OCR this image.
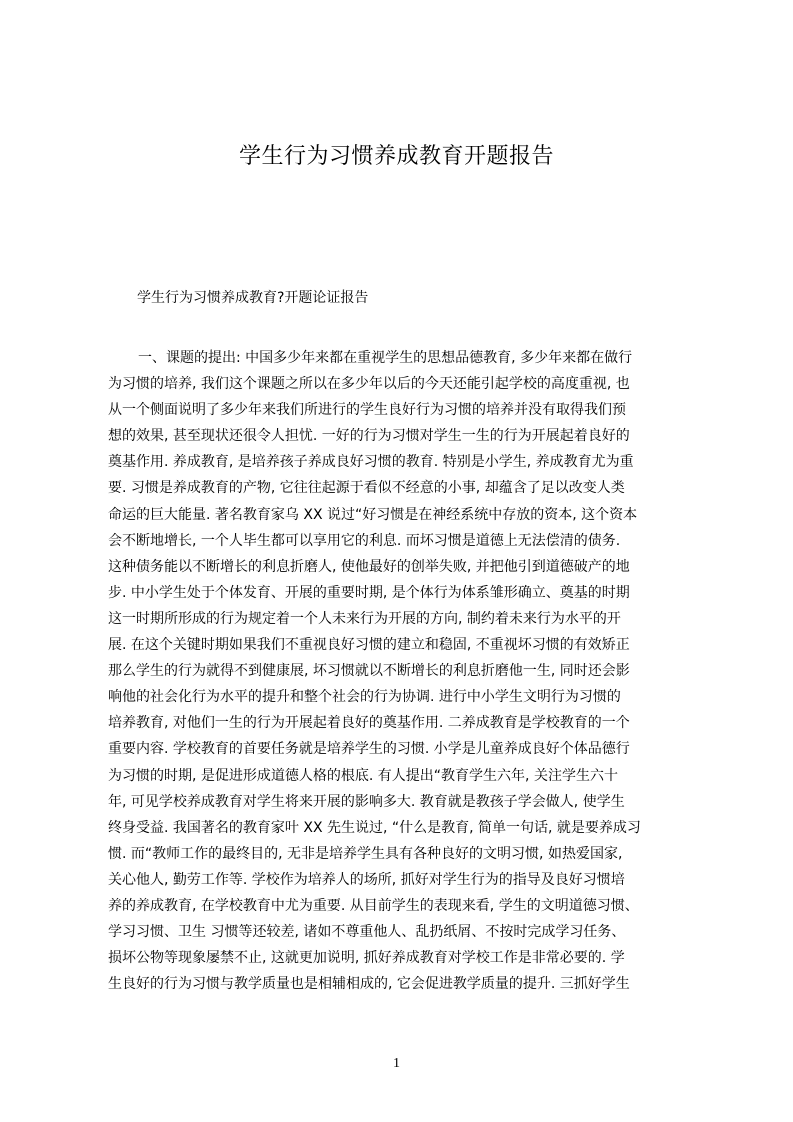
学生行为习惯养成教育开题报告
学生行为习惯养成教育?开题论证报告
一、课题的提出: 中国多少年来都在重视学生的思想品德教育, 多少年来都在做行
为习惯的培养, 我们这个课题之所以在多少年以后的今天还能引起学校的高度重视, 也
从一个侧面说明了多少年来我们所进行的学生良好行为习惯的培养并没有取得我们预
想的效果, 甚至现状还很令人担忧. 一好的行为习惯对学生一生的行为开展起着良好的
奠基作用. 养成教育, 是培养孩子养成良好习惯的教育. 特别是小学生, 养成教育尤为重
要. 习惯是养成教育的产物, 它往往起源于看似不经意的小事, 却蕴含了足以改变人类
命运的巨大能量. 著名教育家乌 XX 说过“好习惯是在神经系统中存放的资本, 这个资本
会不断地增长, 一个人毕生都可以享用它的利息. 而坏习惯是道德上无法偿清的债务.
这种债务能以不断增长的利息折磨人, 使他最好的创举失败, 并把他引到道德破产的地
步. 中小学生处于个体发育、开展的重要时期, 是个体行为体系雏形确立、奠基的时期
这一时期所形成的行为规定着一个人未来行为开展的方向, 制约着未来行为水平的开
展. 在这个关键时期如果我们不重视良好习惯的建立和稳固, 不重视坏习惯的有效矫正
那么学生的行为就得不到健康展, 坏习惯就以不断增长的利息折磨他一生, 同时还会影
响他的社会化行为水平的提升和整个社会的行为协调. 进行中小学生文明行为习惯的
培养教育, 对他们一生的行为开展起着良好的奠基作用. 二养成教育是学校教育的一个
重要内容. 学校教育的首要任务就是培养学生的习惯. 小学是儿童养成良好个体品德行
为习惯的时期, 是促进形成道德人格的根底. 有人提出“教育学生六年, 关注学生六十
年, 可见学校养成教育对学生将来开展的影响多大. 教育就是教孩子学会做人, 使学生
终身受益. 我国著名的教育家叶 XX 先生说过, “什么是教育, 简单一句话, 就是要养成习
惯. 而“教师工作的最终目的, 无非是培养学生具有各种良好的文明习惯, 如热爱国家,
关心他人, 勤劳工作等. 学校作为培养人的场所, 抓好对学生行为的指导及良好习惯培
养的养成教育, 在学校教育中尤为重要. 从目前学生的表现来看, 学生的文明道德习惯、
学习习惯、卫生 习惯等还较差, 诸如不尊重他人、乱扔纸屑、不按时完成学习任务、
损坏公物等现象屡禁不止, 这就更加说明, 抓好养成教育对学校工作是非常必要的. 学
生良好的行为习惯与教学质量也是相辅相成的, 它会促进教学质量的提升. 三抓好学生
1
